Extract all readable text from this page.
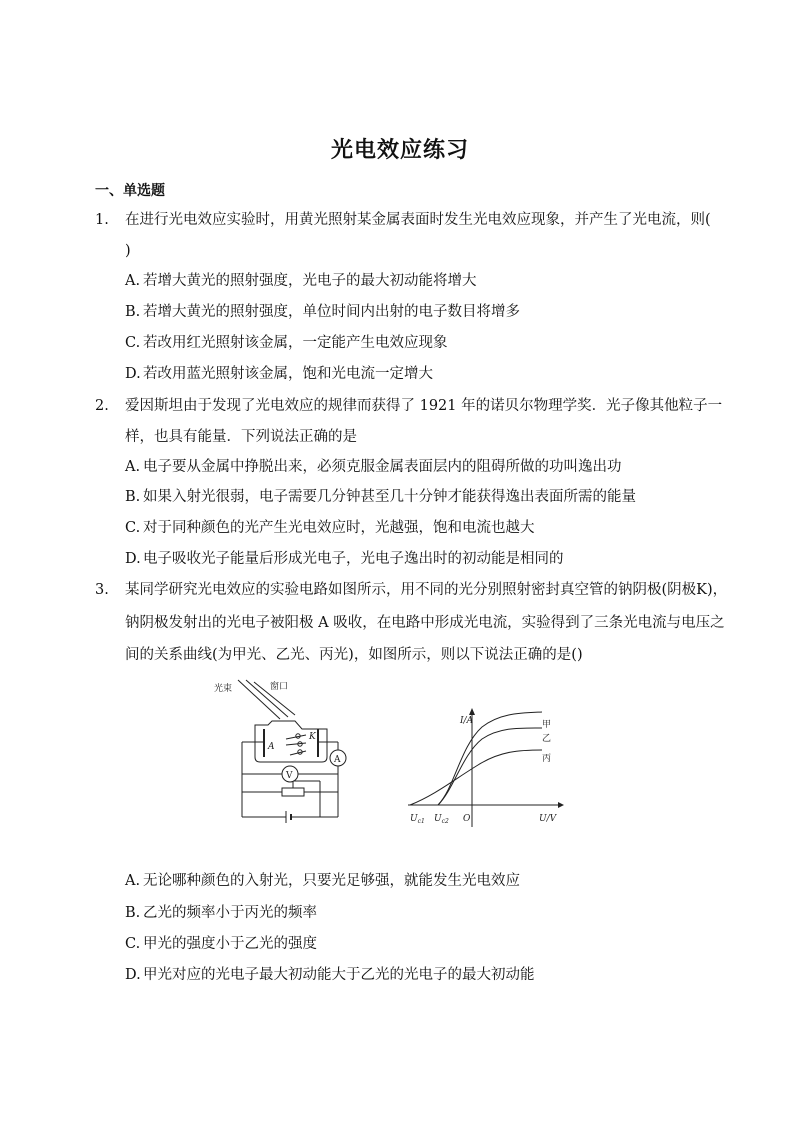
光电效应练习
一、单选题
1. 在进行光电效应实验时，用黄光照射某金属表面时发生光电效应现象，并产生了光电流，则(
)
A. 若增大黄光的照射强度，光电子的最大初动能将增大
B. 若增大黄光的照射强度，单位时间内出射的电子数目将增多
C. 若改用红光照射该金属，一定能产生电效应现象
D. 若改用蓝光照射该金属，饱和光电流一定增大
2. 爱因斯坦由于发现了光电效应的规律而获得了 1921 年的诺贝尔物理学奖．光子像其他粒子一
样，也具有能量．下列说法正确的是
A. 电子要从金属中挣脱出来，必须克服金属表面层内的阻碍所做的功叫逸出功
B. 如果入射光很弱，电子需要几分钟甚至几十分钟才能获得逸出表面所需的能量
C. 对于同种颜色的光产生光电效应时，光越强，饱和电流也越大
D. 电子吸收光子能量后形成光电子，光电子逸出时的初动能是相同的
3. 某同学研究光电效应的实验电路如图所示，用不同的光分别照射密封真空管的钠阴极(阴极K)，
钠阴极发射出的光电子被阳极 A 吸收，在电路中形成光电流，实验得到了三条光电流与电压之
间的关系曲线(为甲光、乙光、丙光)，如图所示，则以下说法正确的是()
光束	窗口
A
K
A
V
I/A
U/V
$U_{c1}$ $U_{c2}$ O
甲
乙
丙
A. 无论哪种颜色的入射光，只要光足够强，就能发生光电效应
B. 乙光的频率小于丙光的频率
C. 甲光的强度小于乙光的强度
D. 甲光对应的光电子最大初动能大于乙光的光电子的最大初动能
